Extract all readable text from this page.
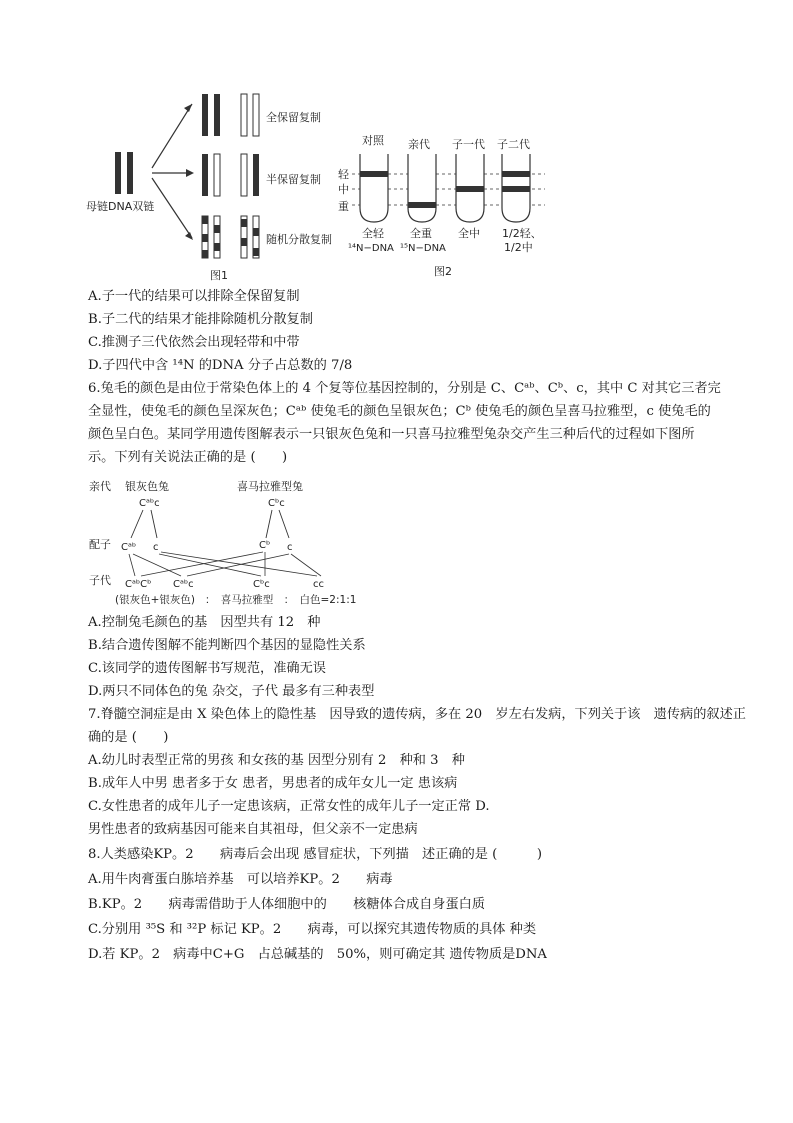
母链DNA双链
全保留复制
半保留复制
随机分散复制
图1
对照 亲代 子一代 子二代
轻
中
重
全轻 全重 全中 1/2轻、
¹⁴N−DNA ¹⁵N−DNA	1/2中
图2
A.子一代的结果可以排除全保留复制
B.子二代的结果才能排除随机分散复制
C.推测子三代依然会出现轻带和中带
D.子四代中含 ¹⁴N 的DNA 分子占总数的 7/8
6.兔毛的颜色是由位于常染色体上的 4 个复等位基因控制的，分别是 C、Cᵃᵇ、Cᵇ、c，其中 C 对其它三者完
全显性，使兔毛的颜色呈深灰色；Cᵃᵇ 使兔毛的颜色呈银灰色；Cᵇ 使兔毛的颜色呈喜马拉雅型，c 使兔毛的
颜色呈白色。某同学用遗传图解表示一只银灰色兔和一只喜马拉雅型兔杂交产生三种后代的过程如下图所
示。下列有关说法正确的是 (　　)
亲代 银灰色兔	喜马拉雅型兔
Cᵃᵇc	Cᵇc
配子 Cᵃᵇ c	Cᵇ c
子代 CᵃᵇCᵇ Cᵃᵇc	Cᵇc	cc
(银灰色+银灰色) ：　喜马拉雅型　：　白色=2:1:1
A.控制兔毛颜色的基　因型共有 12　种
B.结合遗传图解不能判断四个基因的显隐性关系
C.该同学的遗传图解书写规范，准确无误
D.两只不同体色的兔 杂交，子代 最多有三种表型
7.脊髓空洞症是由 X 染色体上的隐性基　因导致的遗传病，多在 20　岁左右发病，下列关于该　遗传病的叙述正
确的是 (　　)
A.幼儿时表型正常的男孩 和女孩的基 因型分别有 2　种和 3　种
B.成年人中男 患者多于女 患者，男患者的成年女儿一定 患该病
C.女性患者的成年儿子一定患该病，正常女性的成年儿子一定正常 D.
男性患者的致病基因可能来自其祖母，但父亲不一定患病
8.人类感染KP。2　　病毒后会出现 感冒症状，下列描　述正确的是 (　　　)
A.用牛肉膏蛋白胨培养基　可以培养KP。2　　病毒
B.KP。2　　病毒需借助于人体细胞中的　　核糖体合成自身蛋白质
C.分别用 ³⁵S 和 ³²P 标记 KP。2　　病毒，可以探究其遗传物质的具体 种类
D.若 KP。2　病毒中C+G　占总碱基的　50%，则可确定其 遗传物质是DNA
